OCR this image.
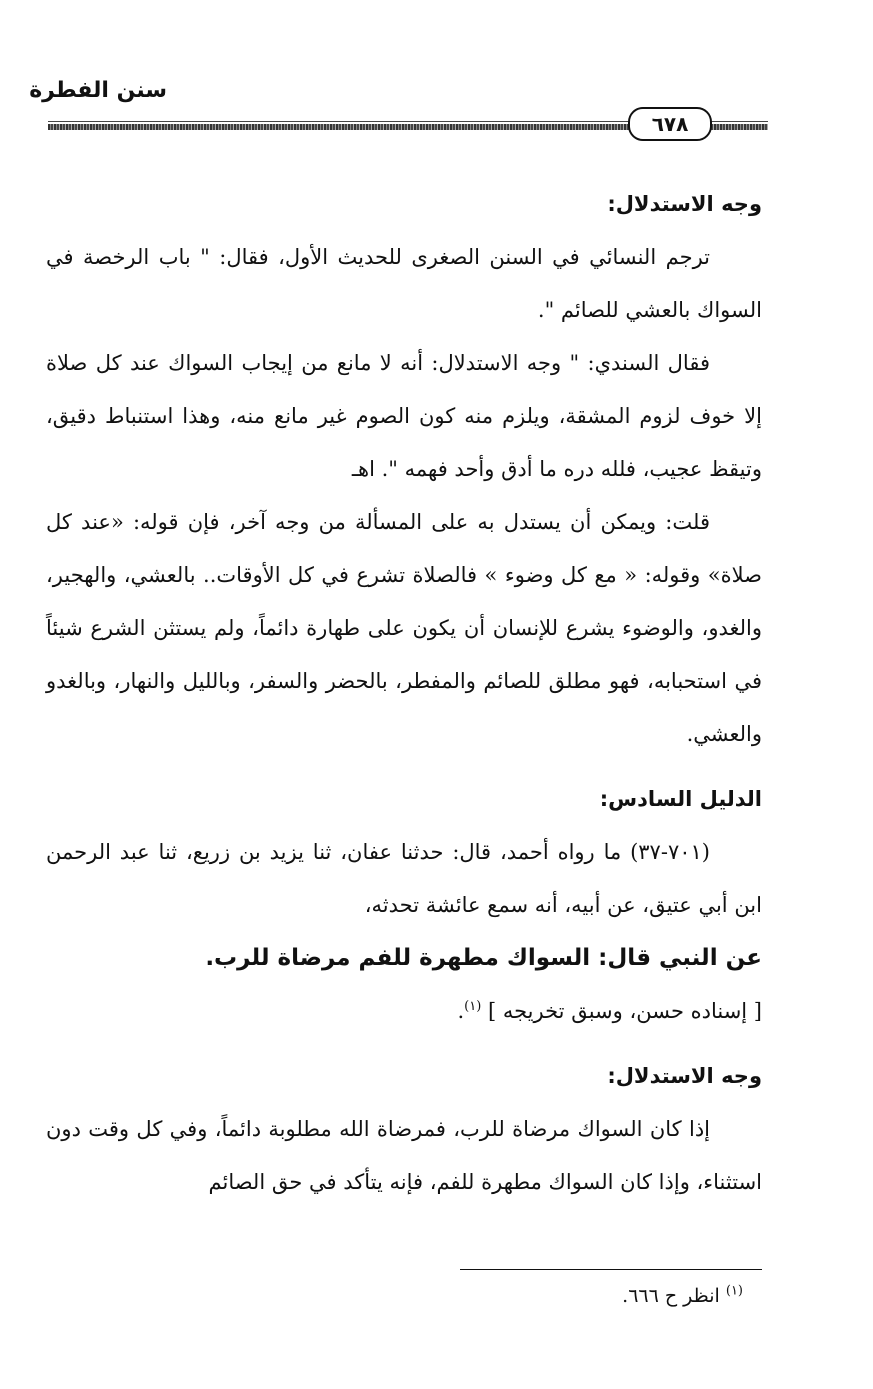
سنن الفطرة
٦٧٨
وجه الاستدلال:

ترجم النسائي في السنن الصغرى للحديث الأول، فقال: " باب الرخصة في السواك بالعشي للصائم ".

فقال السندي: " وجه الاستدلال: أنه لا مانع من إيجاب السواك عند كل صلاة إلا خوف لزوم المشقة، ويلزم منه كون الصوم غير مانع منه، وهذا استنباط دقيق، وتيقظ عجيب، فلله دره ما أدق وأحد فهمه ". اهـ

قلت: ويمكن أن يستدل به على المسألة من وجه آخر، فإن قوله: «عند كل صلاة» وقوله: « مع كل وضوء » فالصلاة تشرع في كل الأوقات.. بالعشي، والهجير، والغدو، والوضوء يشرع للإنسان أن يكون على طهارة دائماً، ولم يستثن الشرع شيئاً في استحبابه، فهو مطلق للصائم والمفطر، بالحضر والسفر، وبالليل والنهار، وبالغدو والعشي.

الدليل السادس:

(٧٠١-٣٧) ما رواه أحمد، قال: حدثنا عفان، ثنا يزيد بن زريع، ثنا عبد الرحمن ابن أبي عتيق، عن أبيه، أنه سمع عائشة تحدثه،

عن النبي قال: السواك مطهرة للفم مرضاة للرب.

[ إسناده حسن، وسبق تخريجه ] $^{(١)}$.

وجه الاستدلال:

إذا كان السواك مرضاة للرب، فمرضاة الله مطلوبة دائماً، وفي كل وقت دون استثناء، وإذا كان السواك مطهرة للفم، فإنه يتأكد في حق الصائم

$^{(١)}$ انظر ح ٦٦٦.
